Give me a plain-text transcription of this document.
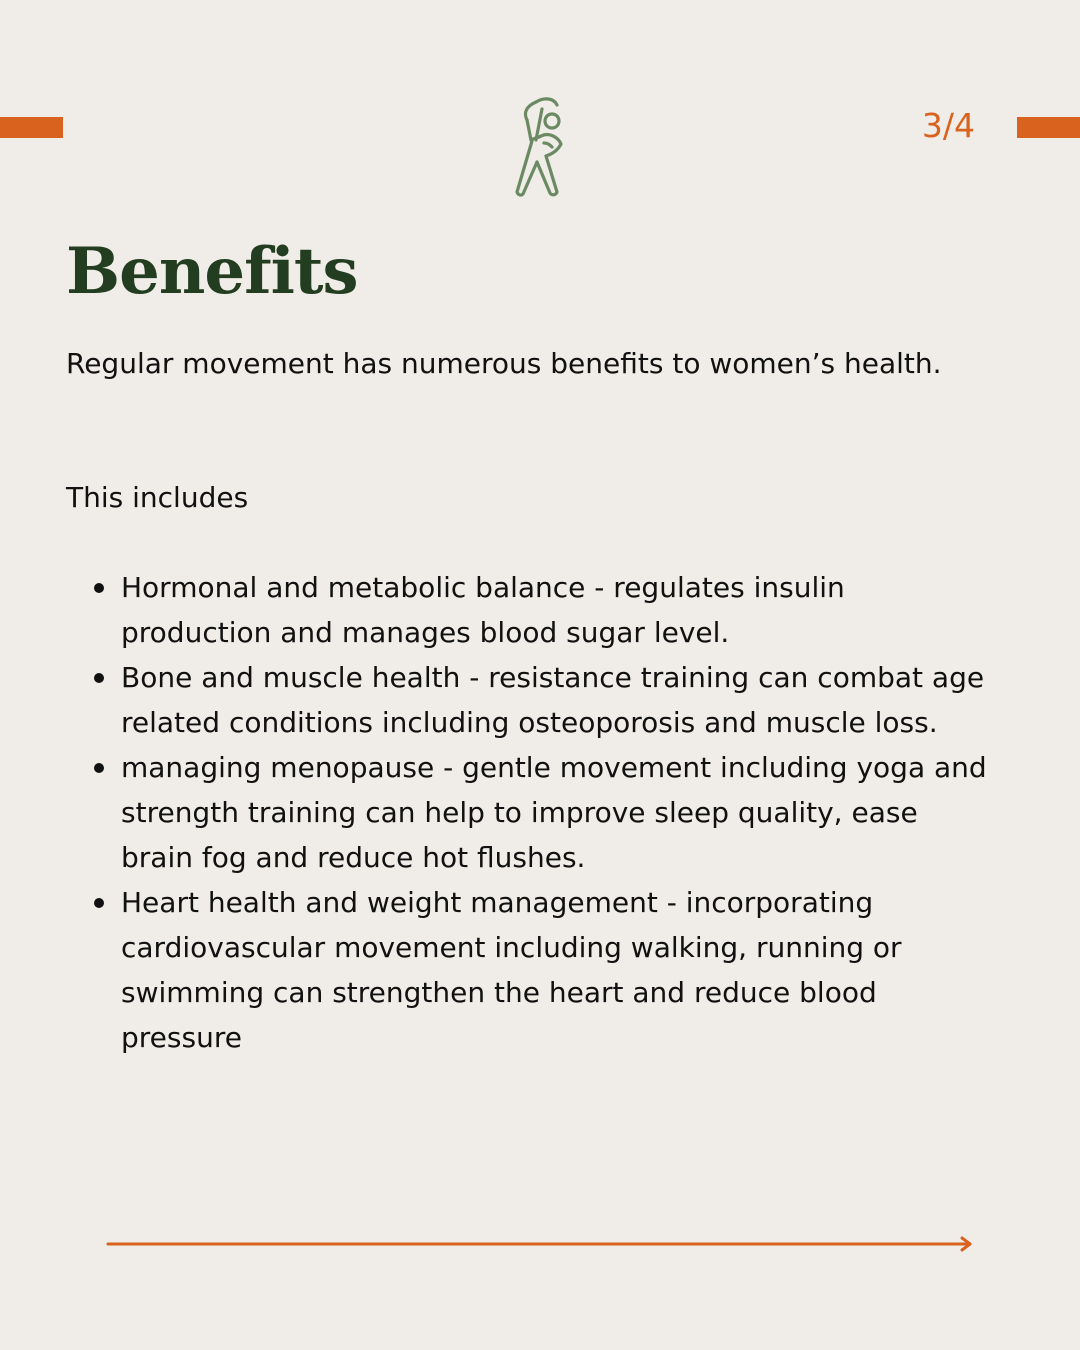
3/4
Benefits

Regular movement has numerous benefits to women’s health.

This includes

Hormonal and metabolic balance - regulates insulin production and manages blood sugar level.
Bone and muscle health - resistance training can combat age related conditions including osteoporosis and muscle loss.
managing menopause - gentle movement including yoga and strength training can help to improve sleep quality, ease brain fog and reduce hot flushes.
Heart health and weight management - incorporating cardiovascular movement including walking, running or swimming can strengthen the heart and reduce blood pressure
